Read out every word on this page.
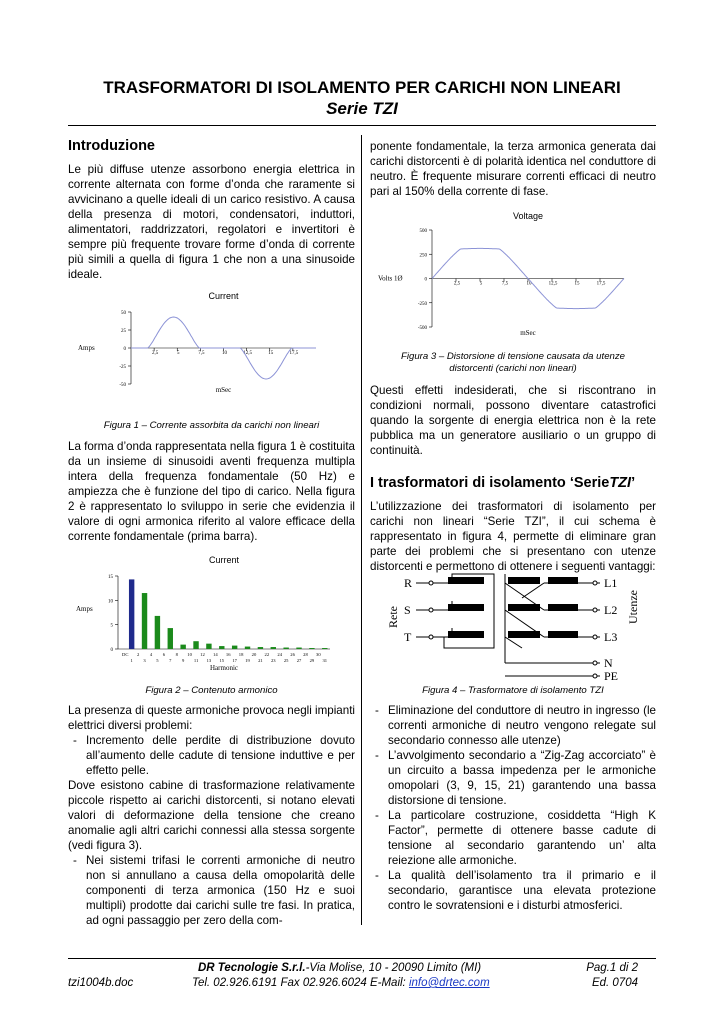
TRASFORMATORI DI ISOLAMENTO PER CARICHI NON LINEARI
Serie TZI
Introduzione

Le più diffuse utenze assorbono energia elettrica in corrente alternata con forme d’onda che raramente si avvicinano a quelle ideali di un carico resistivo. A causa della presenza di motori, condensatori, induttori, alimentatori, raddrizzatori, regolatori e invertitori è sempre più frequente trovare forme d’onda di corrente più simili a quella di figura 1 che non a una sinusoide ideale.

Current
50
25
0
-25
-50
2,5	5	7,5	10	12,5	15	17,5
Amps
mSec
Figura 1 – Corrente assorbita da carichi non lineari

La forma d’onda rappresentata nella figura 1 è costituita da un insieme di sinusoidi aventi frequenza multipla intera della frequenza fondamentale (50 Hz) e ampiezza che è funzione del tipo di carico. Nella figura 2 è rappresentato lo sviluppo in serie che evidenzia il valore di ogni armonica riferito al valore efficace della corrente fondamentale (prima barra).

Current
15
10
5
0
Amps
Harmonic
DC
1
2
3
4
5
6
7
8
9
10
11
12
13
14
15
16
17
18
19
20
21
22
23
24
25
26
27
28
29
30
31
Figura 2 – Contenuto armonico

La presenza di queste armoniche provoca negli impianti elettrici diversi problemi:

- Incremento delle perdite di distribuzione dovuto all’aumento delle cadute di tensione induttive e per effetto pelle.

Dove esistono cabine di trasformazione relativamente piccole rispetto ai carichi distorcenti, si notano elevati valori di deformazione della tensione che creano anomalie agli altri carichi connessi alla stessa sorgente (vedi figura 3).

- Nei sistemi trifasi le correnti armoniche di neutro non si annullano a causa della omopolarità delle componenti di terza armonica (150 Hz e suoi multipli) prodotte dai carichi sulle tre fasi. In pratica, ad ogni passaggio per zero della com-

ponente fondamentale, la terza armonica generata dai carichi distorcenti è di polarità identica nel conduttore di neutro. È frequente misurare correnti efficaci di neutro pari al 150% della corrente di fase.

Voltage
500
250
0
-250
-500
2,5	5	7,5	10	12,5	15	17,5
Volts 1Ø
mSec
Figura 3 – Distorsione di tensione causata da utenze
distorcenti (carichi non lineari)

Questi effetti indesiderati, che si riscontrano in condizioni normali, possono diventare catastrofici quando la sorgente di energia elettrica non è la rete pubblica ma un generatore ausiliario o un gruppo di continuità.

I trasformatori di isolamento ‘SerieTZI’

L’utilizzazione dei trasformatori di isolamento per carichi non lineari “Serie TZI”, il cui schema è rappresentato in figura 4, permette di eliminare gran parte dei problemi che si presentano con utenze distorcenti e permettono di ottenere i seguenti vantaggi:

R
S
T
L1
L2
L3
N
PE
Rete	Utenze
Figura 4 – Trasformatore di isolamento TZI
- Eliminazione del conduttore di neutro in ingresso (le correnti armoniche di neutro vengono relegate sul secondario connesso alle utenze)
- L’avvolgimento secondario a “Zig-Zag accorciato” è un circuito a bassa impedenza per le armoniche omopolari (3, 9, 15, 21) garantendo una bassa distorsione di tensione.
- La particolare costruzione, cosiddetta “High K Factor”, permette di ottenere basse cadute di tensione al secondario garantendo un’ alta reiezione alle armoniche.
- La qualità dell’isolamento tra il primario e il secondario, garantisce una elevata protezione contro le sovratensioni e i disturbi atmosferici.
DR Tecnologie S.r.l.-Via Molise, 10 - 20090 Limito (MI)	Pag.1 di 2
tzi1004b.doc	Tel. 02.926.6191 Fax 02.926.6024 E-Mail: info@drtec.com	Ed. 0704
